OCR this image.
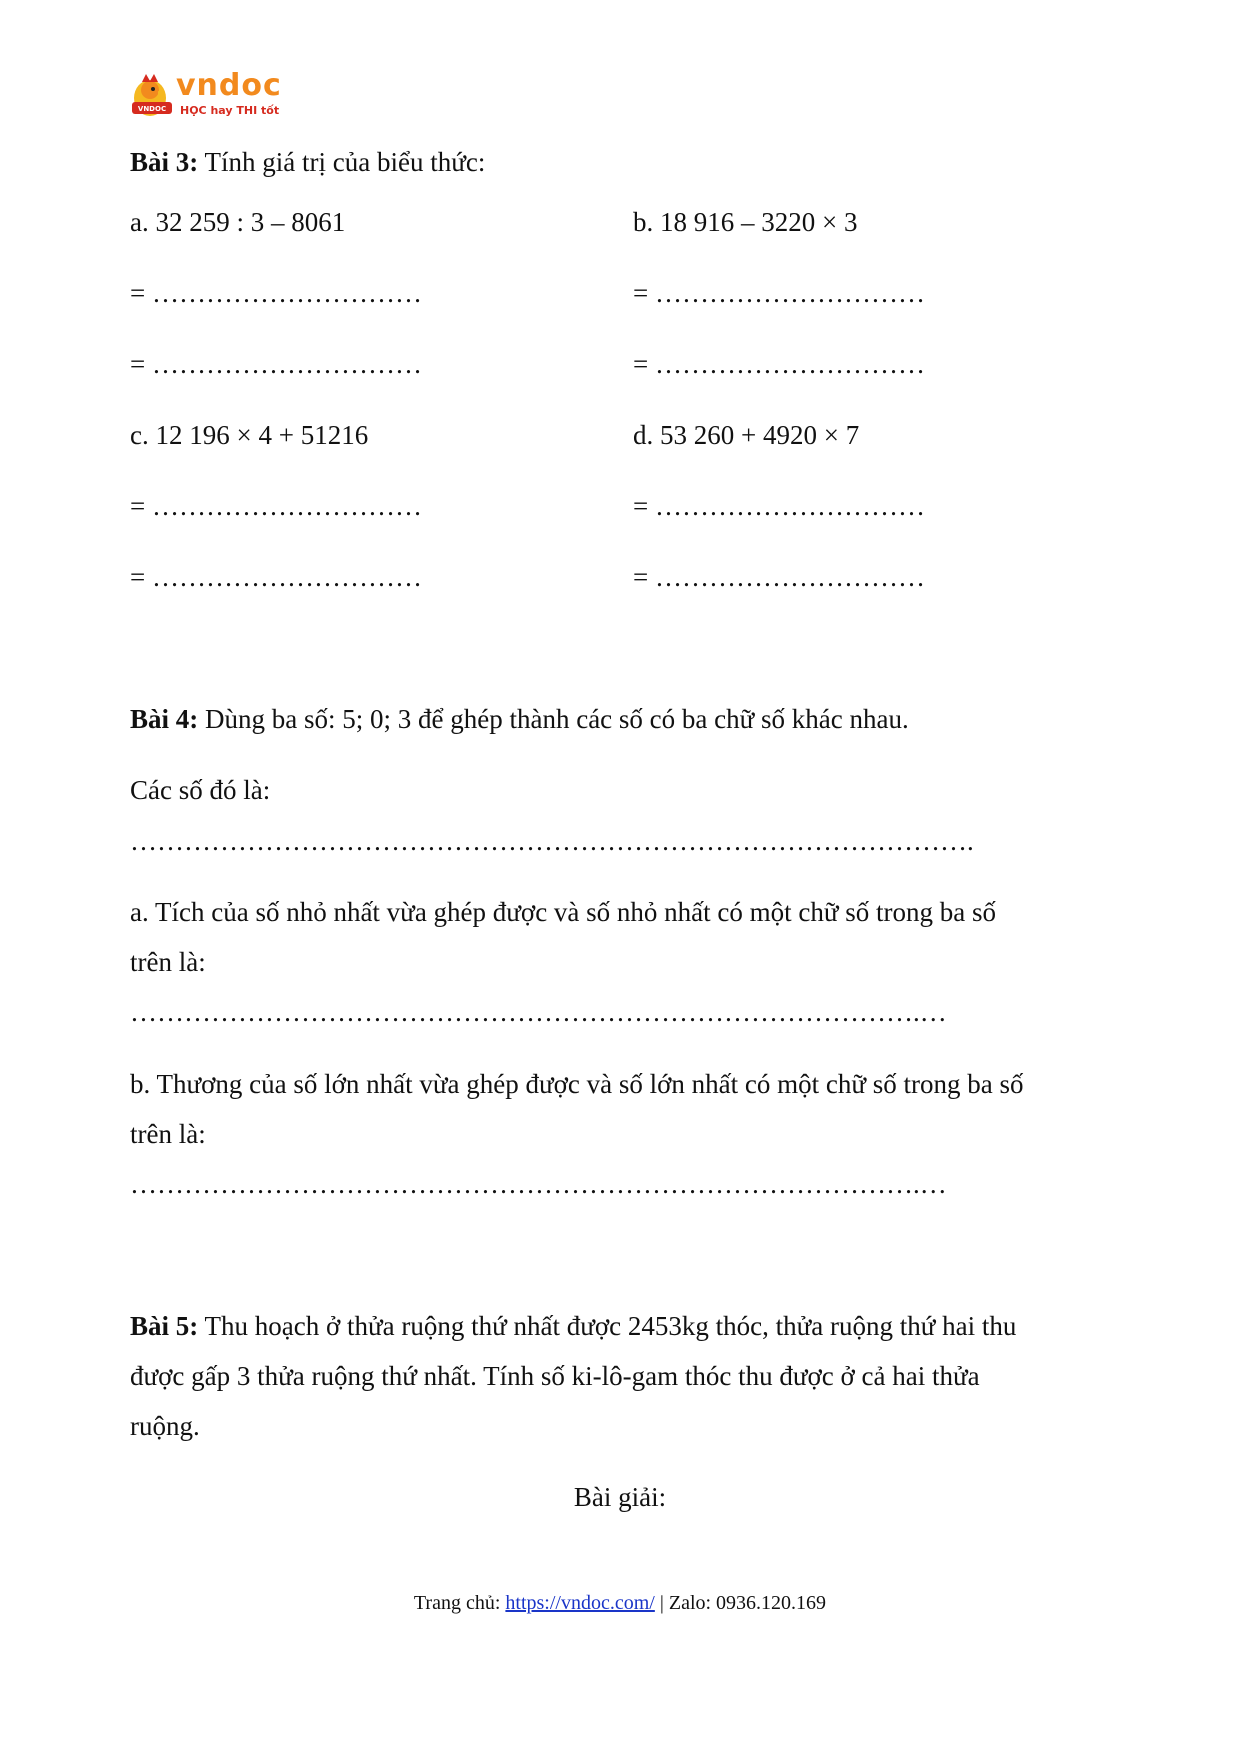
VNDOC
vndoc
HỌC hay THI tốt
Bài 3: Tính giá trị của biểu thức:
a. 32 259 : 3 – 8061	b. 18 916 – 3220 × 3
= …………………………	= …………………………
= …………………………	= …………………………
c. 12 196 × 4 + 51216	d. 53 260 + 4920 × 7
= …………………………	= …………………………
= …………………………	= …………………………
Bài 4: Dùng ba số: 5; 0; 3 để ghép thành các số có ba chữ số khác nhau.
Các số đó là:
………………………………………………………………………………….
a. Tích của số nhỏ nhất vừa ghép được và số nhỏ nhất có một chữ số trong ba số
trên là:
…………………………………………………………………………….…
b. Thương của số lớn nhất vừa ghép được và số lớn nhất có một chữ số trong ba số
trên là:
…………………………………………………………………………….…
Bài 5: Thu hoạch ở thửa ruộng thứ nhất được 2453kg thóc, thửa ruộng thứ hai thu
được gấp 3 thửa ruộng thứ nhất. Tính số ki-lô-gam thóc thu được ở cả hai thửa
ruộng.
Bài giải:
Trang chủ: https://vndoc.com/ | Zalo: 0936.120.169
